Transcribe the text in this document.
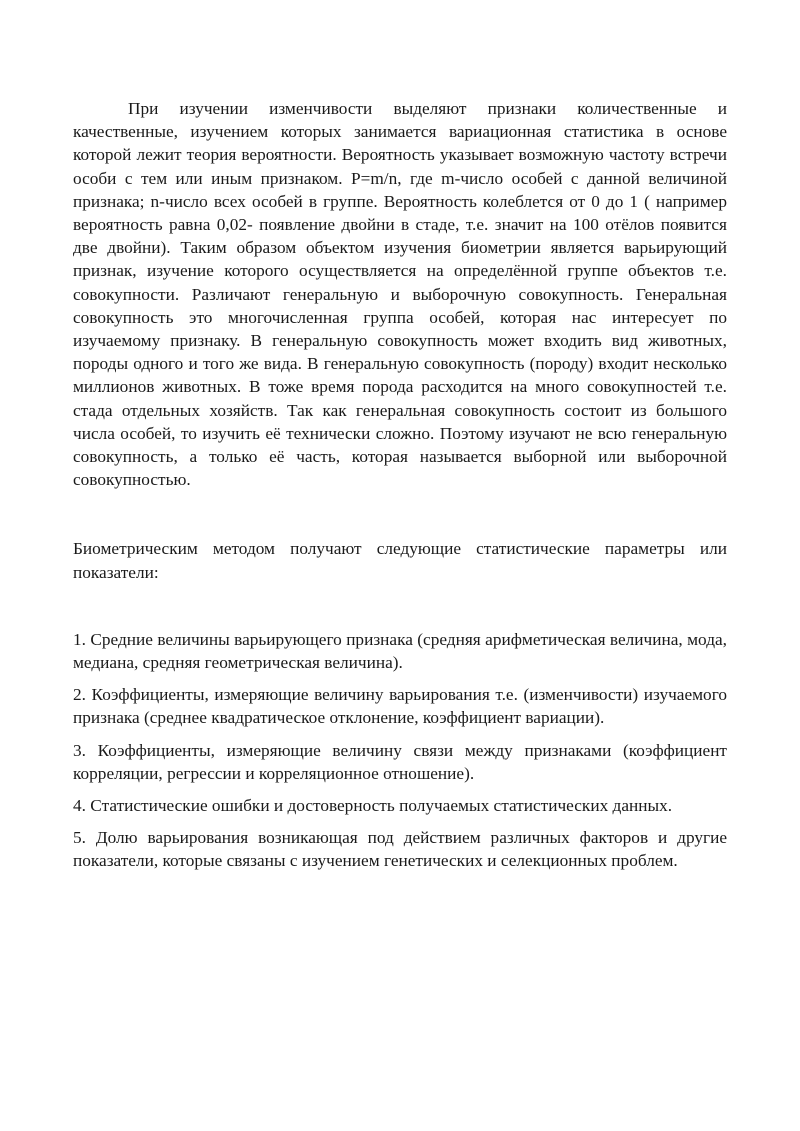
При изучении изменчивости выделяют признаки количественные и качественные, изучением которых занимается вариационная статистика в основе которой лежит теория вероятности. Вероятность указывает возможную частоту встречи особи с тем или иным признаком. P=m/n, где m-число особей с данной величиной признака; n-число всех особей в группе. Вероятность колеблется от 0 до 1 ( например вероятность равна 0,02- появление двойни в стаде, т.е. значит на 100 отёлов появится две двойни). Таким образом объектом изучения биометрии является варьирующий признак, изучение которого осуществляется на определённой группе объектов т.е. совокупности. Различают генеральную и выборочную совокупность. Генеральная совокупность это многочисленная группа особей, которая нас интересует по изучаемому признаку. В генеральную совокупность может входить вид животных, породы одного и того же вида. В генеральную совокупность (породу) входит несколько миллионов животных. В тоже время порода расходится на много совокупностей т.е. стада отдельных хозяйств. Так как генеральная совокупность состоит из большого числа особей, то изучить её технически сложно. Поэтому изучают не всю генеральную совокупность, а только её часть, которая называется выборной или выборочной совокупностью.

Биометрическим методом получают следующие статистические параметры или показатели:

1. Средние величины варьирующего признака (средняя арифметическая величина, мода, медиана, средняя геометрическая величина).

2. Коэффициенты, измеряющие величину варьирования т.е. (изменчивости) изучаемого признака (среднее квадратическое отклонение, коэффициент вариации).

3. Коэффициенты, измеряющие величину связи между признаками (коэффициент корреляции, регрессии и корреляционное отношение).

4. Статистические ошибки и достоверность получаемых статистических данных.

5. Долю варьирования возникающая под действием различных факторов и другие показатели, которые связаны с изучением генетических и селекционных проблем.
